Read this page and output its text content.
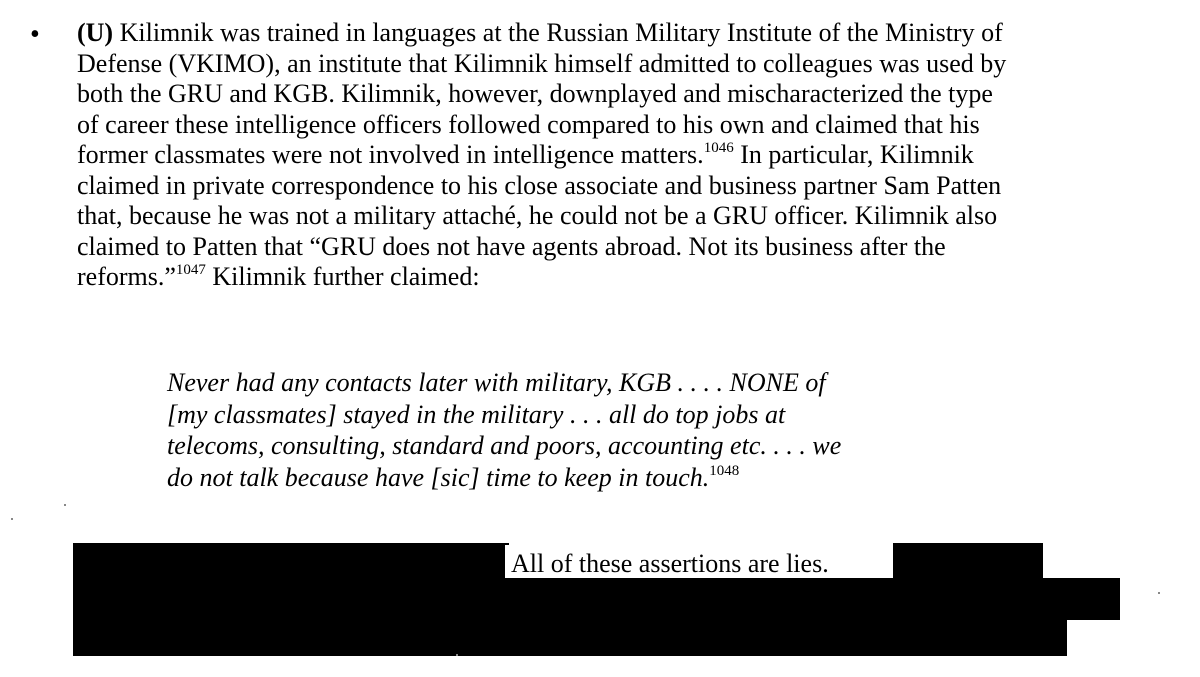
• (U) Kilimnik was trained in languages at the Russian Military Institute of the Ministry of
Defense (VKIMO), an institute that Kilimnik himself admitted to colleagues was used by
both the GRU and KGB. Kilimnik, however, downplayed and mischaracterized the type
of career these intelligence officers followed compared to his own and claimed that his
former classmates were not involved in intelligence matters.$^{1046}$ In particular, Kilimnik
claimed in private correspondence to his close associate and business partner Sam Patten
that, because he was not a military attaché, he could not be a GRU officer. Kilimnik also
claimed to Patten that “GRU does not have agents abroad. Not its business after the
reforms.”$^{1047}$ Kilimnik further claimed:
Never had any contacts later with military, KGB . . . . NONE of
[my classmates] stayed in the military . . . all do top jobs at
telecoms, consulting, standard and poors, accounting etc. . . . we
do not talk because have [sic] time to keep in touch.$^{1048}$
All of these assertions are lies.
